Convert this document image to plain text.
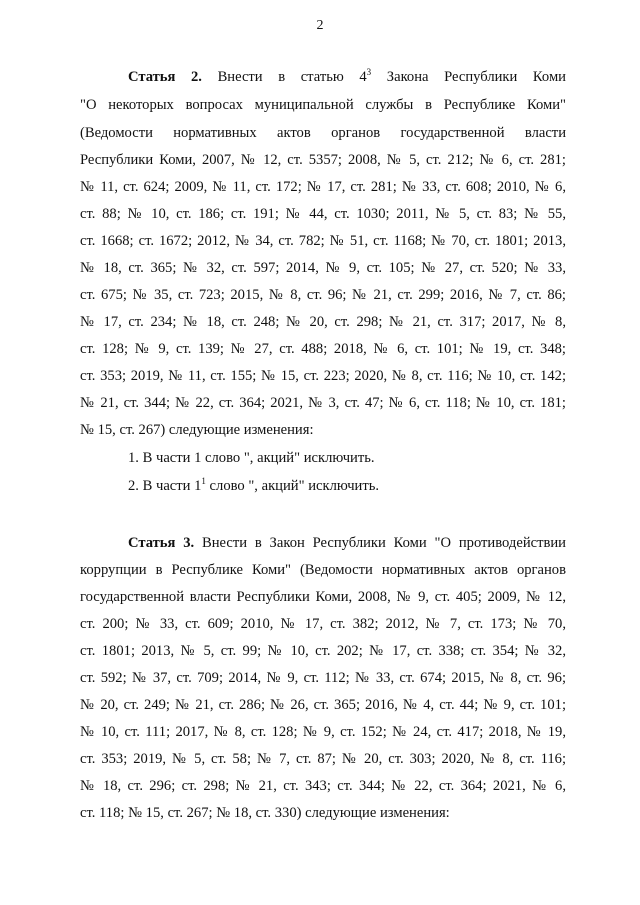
2
Статья 2. Внести в статью $4^3$ Закона Республики Коми
"О некоторых вопросах муниципальной службы в Республике Коми"
(Ведомости нормативных актов органов государственной власти
Республики Коми, 2007, № 12, ст. 5357; 2008, № 5, ст. 212; № 6, ст. 281;
№ 11, ст. 624; 2009, № 11, ст. 172; № 17, ст. 281; № 33, ст. 608; 2010, № 6,
ст. 88; № 10, ст. 186; ст. 191; № 44, ст. 1030; 2011, № 5, ст. 83; № 55,
ст. 1668; ст. 1672; 2012, № 34, ст. 782; № 51, ст. 1168; № 70, ст. 1801; 2013,
№ 18, ст. 365; № 32, ст. 597; 2014, № 9, ст. 105; № 27, ст. 520; № 33,
ст. 675; № 35, ст. 723; 2015, № 8, ст. 96; № 21, ст. 299; 2016, № 7, ст. 86;
№ 17, ст. 234; № 18, ст. 248; № 20, ст. 298; № 21, ст. 317; 2017, № 8,
ст. 128; № 9, ст. 139; № 27, ст. 488; 2018, № 6, ст. 101; № 19, ст. 348;
ст. 353; 2019, № 11, ст. 155; № 15, ст. 223; 2020, № 8, ст. 116; № 10, ст. 142;
№ 21, ст. 344; № 22, ст. 364; 2021, № 3, ст. 47; № 6, ст. 118; № 10, ст. 181;
№ 15, ст. 267) следующие изменения:
1. В части 1 слово ", акций" исключить.
2. В части $1^1$ слово ", акций" исключить.
Статья 3. Внести в Закон Республики Коми "О противодействии
коррупции в Республике Коми" (Ведомости нормативных актов органов
государственной власти Республики Коми, 2008, № 9, ст. 405; 2009, № 12,
ст. 200; № 33, ст. 609; 2010, № 17, ст. 382; 2012, № 7, ст. 173; № 70,
ст. 1801; 2013, № 5, ст. 99; № 10, ст. 202; № 17, ст. 338; ст. 354; № 32,
ст. 592; № 37, ст. 709; 2014, № 9, ст. 112; № 33, ст. 674; 2015, № 8, ст. 96;
№ 20, ст. 249; № 21, ст. 286; № 26, ст. 365; 2016, № 4, ст. 44; № 9, ст. 101;
№ 10, ст. 111; 2017, № 8, ст. 128; № 9, ст. 152; № 24, ст. 417; 2018, № 19,
ст. 353; 2019, № 5, ст. 58; № 7, ст. 87; № 20, ст. 303; 2020, № 8, ст. 116;
№ 18, ст. 296; ст. 298; № 21, ст. 343; ст. 344; № 22, ст. 364; 2021, № 6,
ст. 118; № 15, ст. 267; № 18, ст. 330) следующие изменения:
